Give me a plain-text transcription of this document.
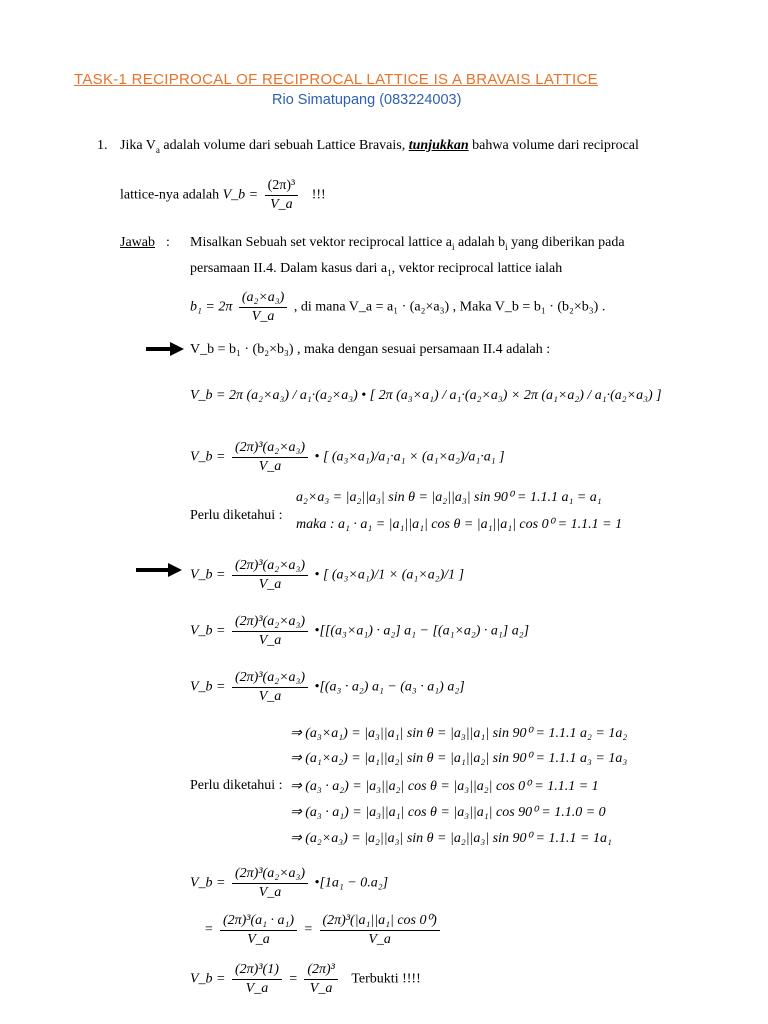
TASK-1 RECIPROCAL OF RECIPROCAL LATTICE IS A BRAVAIS LATTICE
Rio Simatupang (083224003)
1. Jika $V_a$ adalah volume dari sebuah Lattice Bravais, tunjukkan bahwa volume dari reciprocal
lattice-nya adalah V_b = $\frac{\text{(2π)³}}{V\_a}$ !!!
Jawab : Misalkan Sebuah set vektor reciprocal lattice $a_i$ adalah $b_i$ yang diberikan pada
persamaan II.4. Dalam kasus dari $a_1$, vektor reciprocal lattice ialah
$b_1 = 2\pi \frac{\text{(a₂×a₃)}}{V\_a}$ , di mana V_a = a₁ · (a₂×a₃) , Maka V_b = b₁ · (b₂×b₃) .
V_b = b₁ · (b₂×b₃) , maka dengan sesuai persamaan II.4 adalah :
V_b = 2π (a₂×a₃) / a₁·(a₂×a₃) • [ 2π (a₃×a₁) / a₁·(a₂×a₃) × 2π (a₁×a₂) / a₁·(a₂×a₃) ]
V_b = $\frac{\text{(2π)³(a₂×a₃)}}{V\_a}$ • [ (a₃×a₁)/a₁·a₁ × (a₁×a₂)/a₁·a₁ ]
a₂×a₃ = |a₂||a₃| sin θ = |a₂||a₃| sin 90⁰ = 1.1.1 a₁ = a₁
Perlu diketahui :
maka : a₁ · a₁ = |a₁||a₁| cos θ = |a₁||a₁| cos 0⁰ = 1.1.1 = 1
V_b = $\frac{\text{(2π)³(a₂×a₃)}}{V\_a}$ • [ (a₃×a₁)/1 × (a₁×a₂)/1 ]
V_b = $\frac{\text{(2π)³(a₂×a₃)}}{V\_a}$ •[[(a₃×a₁) · a₂] a₁ − [(a₁×a₂) · a₁] a₂]
V_b = $\frac{\text{(2π)³(a₂×a₃)}}{V\_a}$ •[(a₃ · a₂) a₁ − (a₃ · a₁) a₂]
⇒ (a₃×a₁) = |a₃||a₁| sin θ = |a₃||a₁| sin 90⁰ = 1.1.1 a₂ = 1a₂
⇒ (a₁×a₂) = |a₁||a₂| sin θ = |a₁||a₂| sin 90⁰ = 1.1.1 a₃ = 1a₃
Perlu diketahui : ⇒ (a₃ · a₂) = |a₃||a₂| cos θ = |a₃||a₂| cos 0⁰ = 1.1.1 = 1
⇒ (a₃ · a₁) = |a₃||a₁| cos θ = |a₃||a₁| cos 90⁰ = 1.1.0 = 0
⇒ (a₂×a₃) = |a₂||a₃| sin θ = |a₂||a₃| sin 90⁰ = 1.1.1 = 1a₁
V_b = $\frac{\text{(2π)³(a₂×a₃)}}{V\_a}$ •[1a₁ − 0.a₂]
= $\frac{\text{(2π)³(a₁ · a₁)}}{V\_a} = \frac{\text{(2π)³(|a₁||a₁| cos 0⁰)}}{V\_a}$
V_b = $\frac{\text{(2π)³(1)}}{V\_a} = \frac{\text{(2π)³}}{V\_a}$ Terbukti !!!!
